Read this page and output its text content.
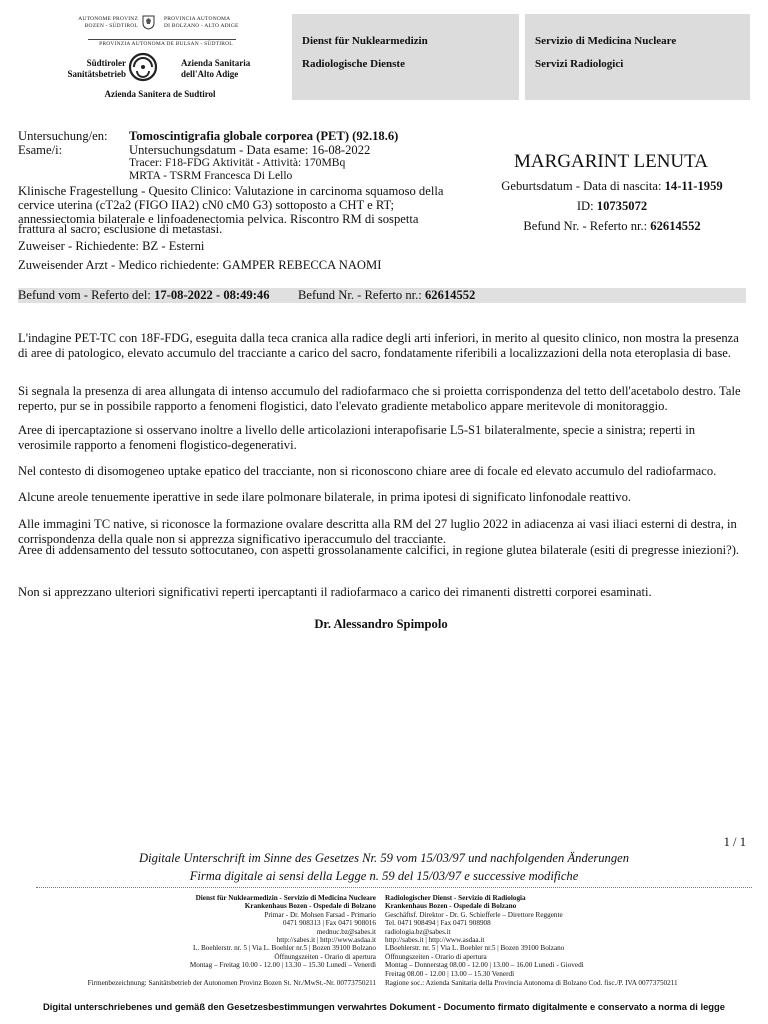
AUTONOME PROVINZ
BOZEN - SÜDTIROL
PROVINCIA AUTONOMA
DI BOLZANO - ALTO ADIGE
PROVINZIA AUTONOMA DE BULSAN - SÜDTIROL
Südtiroler
Sanitätsbetrieb
Azienda Sanitaria
dell'Alto Adige
Azienda Sanitera de Sudtirol
Dienst für Nuklearmedizin
Radiologische Dienste
Servizio di Medicina Nucleare
Servizi Radiologici
Untersuchung/en:
Esame/i:
Tomoscintigrafia globale corporea (PET) (92.18.6)
Untersuchungsdatum - Data esame: 16-08-2022
Tracer: F18-FDG Aktivität - Attività: 170MBq
MRTA - TSRM Francesca Di Lello
Klinische Fragestellung - Quesito Clinico: Valutazione in carcinoma squamoso della
cervice uterina (cT2a2 (FIGO IIA2) cN0 cM0 G3) sottoposto a CHT e RT;
annessiectomia bilaterale e linfoadenectomia pelvica. Riscontro RM di sospetta
frattura al sacro; esclusione di metastasi.
Zuweiser - Richiedente: BZ - Esterni
Zuweisender Arzt - Medico richiedente: GAMPER REBECCA NAOMI
MARGARINT LENUTA
Geburtsdatum - Data di nascita: 14-11-1959
ID: 10735072
Befund Nr. - Referto nr.: 62614552
Befund vom - Referto del: 17-08-2022 - 08:49:46 Befund Nr. - Referto nr.: 62614552
L'indagine PET-TC con 18F-FDG, eseguita dalla teca cranica alla radice degli arti inferiori, in merito al quesito clinico, non mostra la presenza di aree di patologico, elevato accumulo del tracciante a carico del sacro, fondatamente riferibili a localizzazioni della nota eteroplasia di base.
Si segnala la presenza di area allungata di intenso accumulo del radiofarmaco che si proietta corrispondenza del tetto dell'acetabolo destro. Tale reperto, pur se in possibile rapporto a fenomeni flogistici, dato l'elevato gradiente metabolico appare meritevole di monitoraggio.
Aree di ipercaptazione si osservano inoltre a livello delle articolazioni interapofisarie L5-S1 bilateralmente, specie a sinistra; reperti in verosimile rapporto a fenomeni flogistico-degenerativi.
Nel contesto di disomogeneo uptake epatico del tracciante, non si riconoscono chiare aree di focale ed elevato accumulo del radiofarmaco.
Alcune areole tenuemente iperattive in sede ilare polmonare bilaterale, in prima ipotesi di significato linfonodale reattivo.
Alle immagini TC native, si riconosce la formazione ovalare descritta alla RM del 27 luglio 2022 in adiacenza ai vasi iliaci esterni di destra, in corrispondenza della quale non si apprezza significativo iperaccumulo del tracciante.
Aree di addensamento del tessuto sottocutaneo, con aspetti grossolanamente calcifici, in regione glutea bilaterale (esiti di pregresse iniezioni?).
Non si apprezzano ulteriori significativi reperti ipercaptanti il radiofarmaco a carico dei rimanenti distretti corporei esaminati.
Dr. Alessandro Spimpolo
1 / 1
Digitale Unterschrift im Sinne des Gesetzes Nr. 59 vom 15/03/97 und nachfolgenden Änderungen
Firma digitale ai sensi della Legge n. 59 del 15/03/97 e successive modifiche
Dienst für Nuklearmedizin - Servizio di Medicina Nucleare
Krankenhaus Bozen - Ospedale di Bolzano
Primar - Dr. Mohsen Farsad - Primario
0471 908313 | Fax 0471 908016
mednuc.bz@sabes.it
http://sabes.it | http://www.asdaa.it
L. Boehlerstr. nr. 5 | Via L. Boehler nr.5 | Bozen 39100 Bolzano
Öffnungszeiten - Orario di apertura
Montag – Freitag 10.00 - 12.00 | 13.30 – 15.30 Lunedì – Venerdì
Radiologischer Dienst - Servizio di Radiologia
Krankenhaus Bozen - Ospedale di Bolzano
Geschäftsf. Direktor - Dr. G. Schiefferle – Direttore Reggente
Tel. 0471 908494 | Fax 0471 908908
radiologia.bz@sabes.it
http://sabes.it | http://www.asdaa.it
LBoehlerstr. nr. 5 | Via L. Boehler nr.5 | Bozen 39100 Bolzano
Öffnungszeiten - Orario di apertura
Montag – Donnerstag 08.00 - 12.00 | 13.00 – 16.00 Lunedì - Giovedì
Freitag 08.00 - 12.00 | 13.00 – 15.30 Venerdì
Firmenbezeichnung: Sanitätsbetrieb der Autonomen Provinz Bozen St. Nr./MwSt.-Nr. 00773750211 Ragione soc.: Azienda Sanitaria della Provincia Autonoma di Bolzano Cod. fisc./P. IVA 00773750211
Digital unterschriebenes und gemäß den Gesetzesbestimmungen verwahrtes Dokument - Documento firmato digitalmente e conservato a norma di legge
